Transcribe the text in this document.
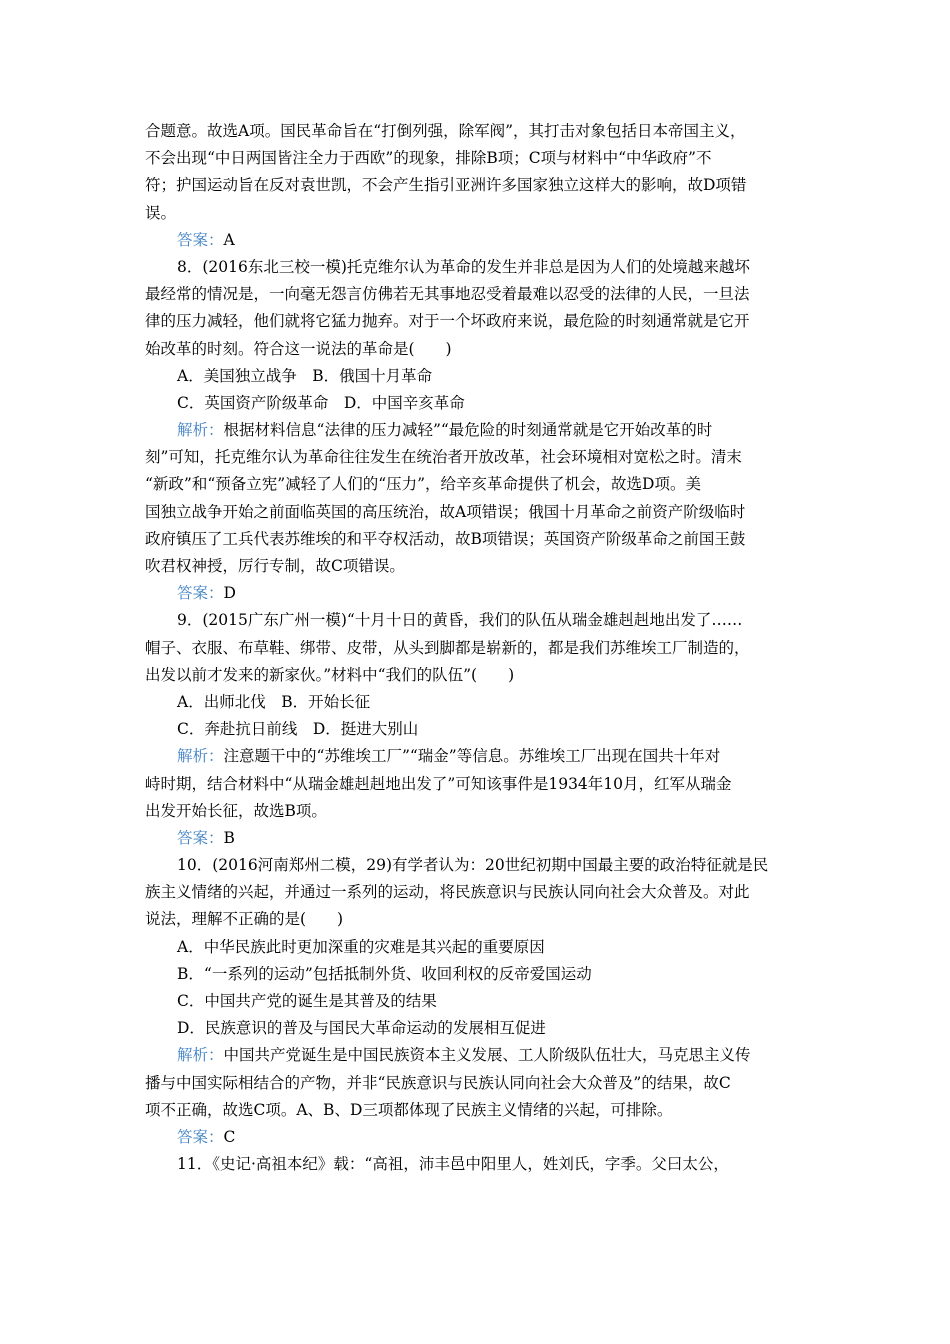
合题意。故选A项。国民革命旨在“打倒列强，除军阀”，其打击对象包括日本帝国主义，
不会出现“中日两国皆注全力于西欧”的现象，排除B项；C项与材料中“中华政府”不
符；护国运动旨在反对袁世凯，不会产生指引亚洲许多国家独立这样大的影响，故D项错
误。
答案：A
8．(2016东北三校一模)托克维尔认为革命的发生并非总是因为人们的处境越来越坏
最经常的情况是，一向毫无怨言仿佛若无其事地忍受着最难以忍受的法律的人民，一旦法
律的压力减轻，他们就将它猛力抛弃。对于一个坏政府来说，最危险的时刻通常就是它开
始改革的时刻。符合这一说法的革命是(　　)
A．美国独立战争　B．俄国十月革命
C．英国资产阶级革命　D．中国辛亥革命
解析：根据材料信息“法律的压力减轻”“最危险的时刻通常就是它开始改革的时
刻”可知，托克维尔认为革命往往发生在统治者开放改革，社会环境相对宽松之时。清末
“新政”和“预备立宪”减轻了人们的“压力”，给辛亥革命提供了机会，故选D项。美
国独立战争开始之前面临英国的高压统治，故A项错误；俄国十月革命之前资产阶级临时
政府镇压了工兵代表苏维埃的和平夺权活动，故B项错误；英国资产阶级革命之前国王鼓
吹君权神授，厉行专制，故C项错误。
答案：D
9．(2015广东广州一模)“十月十日的黄昏，我们的队伍从瑞金雄赳赳地出发了……
帽子、衣服、布草鞋、绑带、皮带，从头到脚都是崭新的，都是我们苏维埃工厂制造的，
出发以前才发来的新家伙。”材料中“我们的队伍”(　　)
A．出师北伐　B．开始长征
C．奔赴抗日前线　D．挺进大别山
解析：注意题干中的“苏维埃工厂”“瑞金”等信息。苏维埃工厂出现在国共十年对
峙时期，结合材料中“从瑞金雄赳赳地出发了”可知该事件是1934年10月，红军从瑞金
出发开始长征，故选B项。
答案：B
10．(2016河南郑州二模，29)有学者认为：20世纪初期中国最主要的政治特征就是民
族主义情绪的兴起，并通过一系列的运动，将民族意识与民族认同向社会大众普及。对此
说法，理解不正确的是(　　)
A．中华民族此时更加深重的灾难是其兴起的重要原因
B．“一系列的运动”包括抵制外货、收回利权的反帝爱国运动
C．中国共产党的诞生是其普及的结果
D．民族意识的普及与国民大革命运动的发展相互促进
解析：中国共产党诞生是中国民族资本主义发展、工人阶级队伍壮大，马克思主义传
播与中国实际相结合的产物，并非“民族意识与民族认同向社会大众普及”的结果，故C
项不正确，故选C项。A、B、D三项都体现了民族主义情绪的兴起，可排除。
答案：C
11．《史记·高祖本纪》载：“高祖，沛丰邑中阳里人，姓刘氏，字季。父曰太公，
